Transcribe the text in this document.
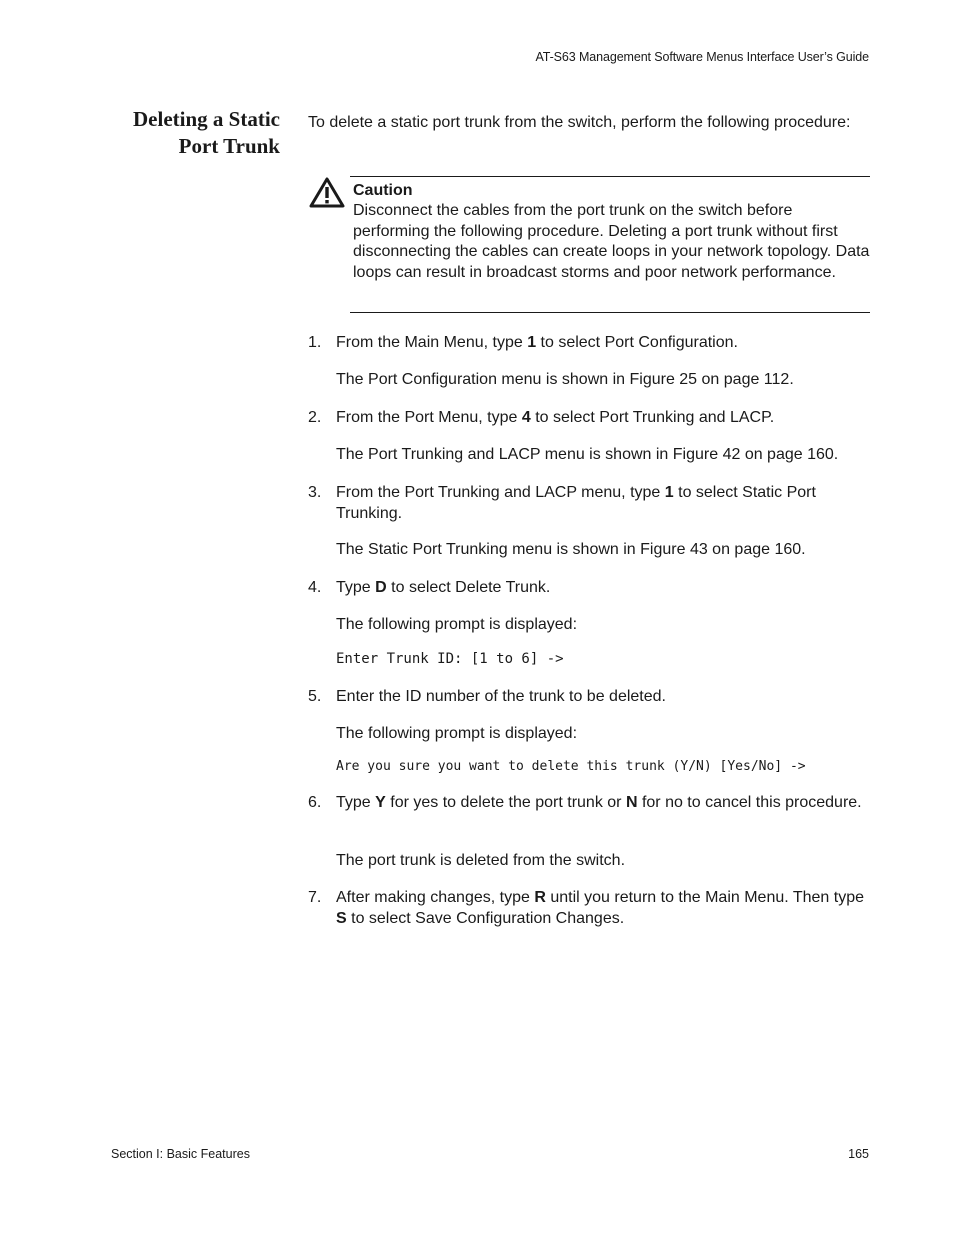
AT-S63 Management Software Menus Interface User’s Guide
Deleting a Static
Port Trunk
To delete a static port trunk from the switch, perform the following procedure:
Caution
Disconnect the cables from the port trunk on the switch before performing the following procedure. Deleting a port trunk without first disconnecting the cables can create loops in your network topology. Data loops can result in broadcast storms and poor network performance.
1. From the Main Menu, type 1 to select Port Configuration.
The Port Configuration menu is shown in Figure 25 on page 112.
2. From the Port Menu, type 4 to select Port Trunking and LACP.
The Port Trunking and LACP menu is shown in Figure 42 on page 160.
3. From the Port Trunking and LACP menu, type 1 to select Static Port Trunking.
The Static Port Trunking menu is shown in Figure 43 on page 160.
4. Type D to select Delete Trunk.
The following prompt is displayed:
Enter Trunk ID: [1 to 6] ->
5. Enter the ID number of the trunk to be deleted.
The following prompt is displayed:
Are you sure you want to delete this trunk (Y/N) [Yes/No] ->
6. Type Y for yes to delete the port trunk or N for no to cancel this procedure.
The port trunk is deleted from the switch.
7. After making changes, type R until you return to the Main Menu. Then type S to select Save Configuration Changes.
Section I: Basic Features	165
